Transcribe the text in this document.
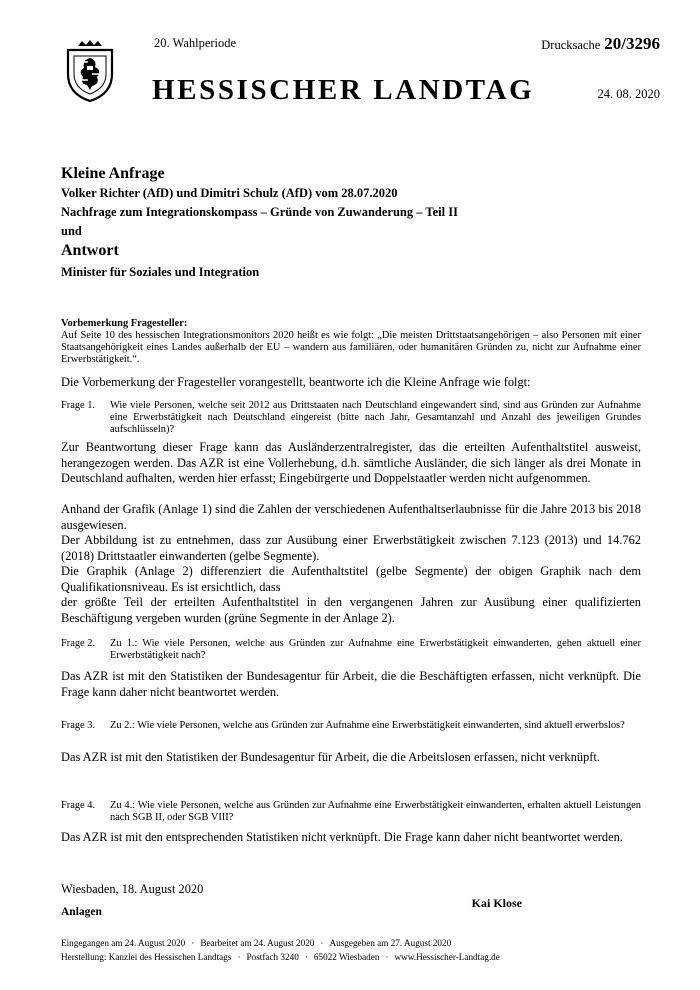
20. Wahlperiode	Drucksache 20/3296
HESSISCHER LANDTAG	24. 08. 2020
Kleine Anfrage
Volker Richter (AfD) und Dimitri Schulz (AfD) vom 28.07.2020
Nachfrage zum Integrationskompass – Gründe von Zuwanderung – Teil II
und
Antwort
Minister für Soziales und Integration
Vorbemerkung Fragesteller:
Auf Seite 10 des hessischen Integrationsmonitors 2020 heißt es wie folgt: „Die meisten Drittstaatsangehörigen – also Personen mit einer Staatsangehörigkeit eines Landes außerhalb der EU – wandern aus familiären, oder humanitären Gründen zu, nicht zur Aufnahme einer Erwerbstätigkeit.“.
Die Vorbemerkung der Fragesteller vorangestellt, beantworte ich die Kleine Anfrage wie folgt:
Frage 1.	Wie viele Personen, welche seit 2012 aus Drittstaaten nach Deutschland eingewandert sind, sind aus Gründen zur Aufnahme eine Erwerbstätigkeit nach Deutschland eingereist (bitte nach Jahr, Gesamtanzahl und Anzahl des jeweiligen Grundes aufschlüsseln)?
Zur Beantwortung dieser Frage kann das Ausländerzentralregister, das die erteilten Aufenthaltstitel ausweist, herangezogen werden. Das AZR ist eine Vollerhebung, d.h. sämtliche Ausländer, die sich länger als drei Monate in Deutschland aufhalten, werden hier erfasst; Eingebürgerte und Doppelstaatler werden nicht aufgenommen.
Anhand der Grafik (Anlage 1) sind die Zahlen der verschiedenen Aufenthaltserlaubnisse für die Jahre 2013 bis 2018 ausgewiesen.
Der Abbildung ist zu entnehmen, dass zur Ausübung einer Erwerbstätigkeit zwischen 7.123 (2013) und 14.762 (2018) Drittstaatler einwanderten (gelbe Segmente).
Die Graphik (Anlage 2) differenziert die Aufenthaltstitel (gelbe Segmente) der obigen Graphik nach dem Qualifikationsniveau. Es ist ersichtlich, dass
der größte Teil der erteilten Aufenthaltstitel in den vergangenen Jahren zur Ausübung einer qualifizierten Beschäftigung vergeben wurden (grüne Segmente in der Anlage 2).
Frage 2.	Zu 1.: Wie viele Personen, welche aus Gründen zur Aufnahme eine Erwerbstätigkeit einwanderten, gehen aktuell einer Erwerbstätigkeit nach?
Das AZR ist mit den Statistiken der Bundesagentur für Arbeit, die die Beschäftigten erfassen, nicht verknüpft. Die Frage kann daher nicht beantwortet werden.
Frage 3.	Zu 2.: Wie viele Personen, welche aus Gründen zur Aufnahme eine Erwerbstätigkeit einwanderten, sind aktuell erwerbslos?
Das AZR ist mit den Statistiken der Bundesagentur für Arbeit, die die Arbeitslosen erfassen, nicht verknüpft.
Frage 4.	Zu 4.: Wie viele Personen, welche aus Gründen zur Aufnahme eine Erwerbstätigkeit einwanderten, erhalten aktuell Leistungen nach SGB II, oder SGB VIII?
Das AZR ist mit den entsprechenden Statistiken nicht verknüpft. Die Frage kann daher nicht beantwortet werden.
Wiesbaden, 18. August 2020
Kai Klose
Anlagen
Eingegangen am 24. August 2020 · Bearbeitet am 24. August 2020 · Ausgegeben am 27. August 2020
Herstellung: Kanzlei des Hessischen Landtags · Postfach 3240 · 65022 Wiesbaden · www.Hessischer-Landtag.de
